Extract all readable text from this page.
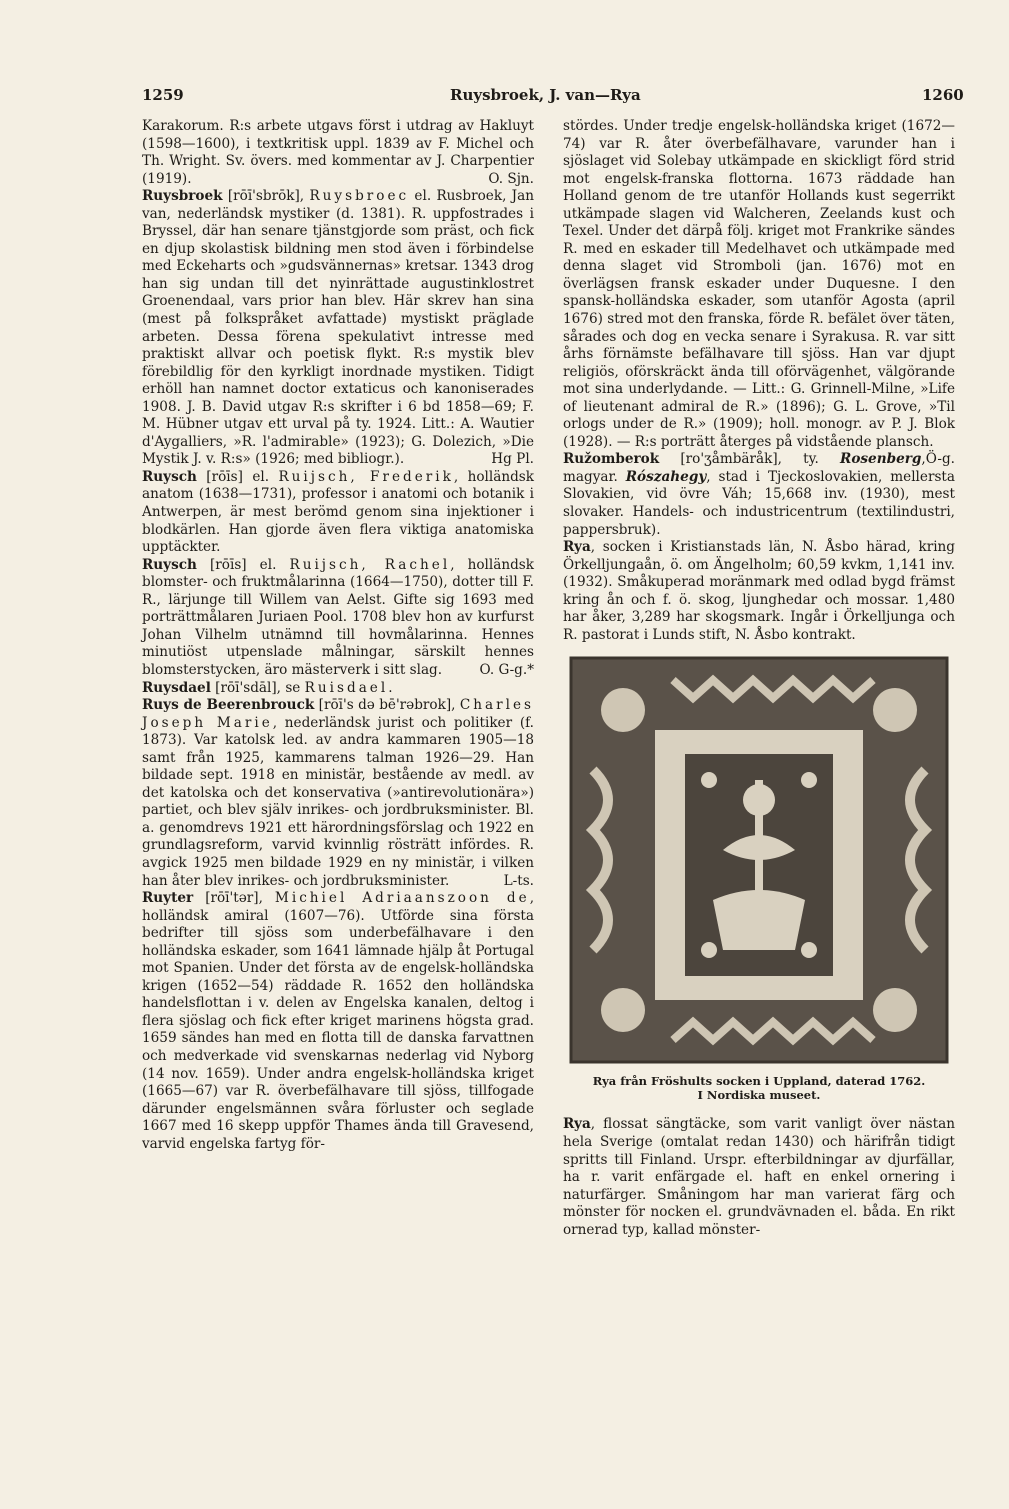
1259	Ruysbroek, J. van—Rya	1260

Karakorum. R:s arbete utgavs först i utdrag av Hakluyt (1598—1600), i textkritisk uppl. 1839 av F. Michel och Th. Wright. Sv. övers. med kommentar av J. Charpentier (1919).	O. Sjn.

Ruysbroek [rōī'sbrōk], Ruysbroec el. Rusbroek, Jan van, nederländsk mystiker (d. 1381). R. uppfostrades i Bryssel, där han senare tjänstgjorde som präst, och fick en djup skolastisk bildning men stod även i förbindelse med Eckeharts och »gudsvännernas» kretsar. 1343 drog han sig undan till det nyinrättade augustinklostret Groenendaal, vars prior han blev. Här skrev han sina (mest på folkspråket avfattade) mystiskt präglade arbeten. Dessa förena spekulativt intresse med praktiskt allvar och poetisk flykt. R:s mystik blev förebildlig för den kyrkligt inordnade mystiken. Tidigt erhöll han namnet doctor extaticus och kanoniserades 1908. J. B. David utgav R:s skrifter i 6 bd 1858—69; F. M. Hübner utgav ett urval på ty. 1924. Litt.: A. Wautier d'Aygalliers, »R. l'admirable» (1923); G. Dolezich, »Die Mystik J. v. R:s» (1926; med bibliogr.).	Hg Pl.

Ruysch [rōīs] el. Ruijsch, Frederik, holländsk anatom (1638—1731), professor i anatomi och botanik i Antwerpen, är mest berömd genom sina injektioner i blodkärlen. Han gjorde även flera viktiga anatomiska upptäckter.

Ruysch [rōīs] el. Ruijsch, Rachel, holländsk blomster- och fruktmålarinna (1664—1750), dotter till F. R., lärjunge till Willem van Aelst. Gifte sig 1693 med porträttmålaren Juriaen Pool. 1708 blev hon av kurfurst Johan Vilhelm utnämnd till hovmålarinna. Hennes minutiöst utpenslade målningar, särskilt hennes blomsterstycken, äro mästerverk i sitt slag.	O. G-g.*

Ruysdael [rōī'sdāl], se Ruisdael.

Ruys de Beerenbrouck [rōī's də bē'rəbrok], Charles Joseph Marie, nederländsk jurist och politiker (f. 1873). Var katolsk led. av andra kammaren 1905—18 samt från 1925, kammarens talman 1926—29. Han bildade sept. 1918 en ministär, bestående av medl. av det katolska och det konservativa (»antirevolutionära») partiet, och blev själv inrikes- och jordbruksminister. Bl. a. genomdrevs 1921 ett härordningsförslag och 1922 en grundlagsreform, varvid kvinnlig rösträtt infördes. R. avgick 1925 men bildade 1929 en ny ministär, i vilken han åter blev inrikes- och jordbruksminister.	L-ts.

Ruyter [rōī'tər], Michiel Adriaanszoon de, holländsk amiral (1607—76). Utförde sina första bedrifter till sjöss som underbefälhavare i den holländska eskader, som 1641 lämnade hjälp åt Portugal mot Spanien. Under det första av de engelsk-holländska krigen (1652—54) räddade R. 1652 den holländska handelsflottan i v. delen av Engelska kanalen, deltog i flera sjöslag och fick efter kriget marinens högsta grad. 1659 sändes han med en flotta till de danska farvattnen och medverkade vid svenskarnas nederlag vid Nyborg (14 nov. 1659). Under andra engelsk-holländska kriget (1665—67) var R. överbefälhavare till sjöss, tillfogade därunder engelsmännen svåra förluster och seglade 1667 med 16 skepp uppför Thames ända till Gravesend, varvid engelska fartyg för-

stördes. Under tredje engelsk-holländska kriget (1672—74) var R. åter överbefälhavare, varunder han i sjöslaget vid Solebay utkämpade en skickligt förd strid mot engelsk-franska flottorna. 1673 räddade han Holland genom de tre utanför Hollands kust segerrikt utkämpade slagen vid Walcheren, Zeelands kust och Texel. Under det därpå följ. kriget mot Frankrike sändes R. med en eskader till Medelhavet och utkämpade med denna slaget vid Stromboli (jan. 1676) mot en överlägsen fransk eskader under Duquesne. I den spansk-holländska eskader, som utanför Agosta (april 1676) stred mot den franska, förde R. befälet över täten, sårades och dog en vecka senare i Syrakusa. R. var sitt århs förnämste befälhavare till sjöss. Han var djupt religiös, oförskräckt ända till oförvägenhet, välgörande mot sina underlydande. — Litt.: G. Grinnell-Milne, »Life of lieutenant admiral de R.» (1896); G. L. Grove, »Til orlogs under de R.» (1909); holl. monogr. av P. J. Blok (1928). — R:s porträtt återges på vidstående plansch.
Ö-g.

Ružomberok [ro'ʒåmbäråk], ty. Rosenberg, magyar. Rószahegy, stad i Tjeckoslovakien, mellersta Slovakien, vid övre Váh; 15,668 inv. (1930), mest slovaker. Handels- och industricentrum (textilindustri, pappersbruk).

Rya, socken i Kristianstads län, N. Åsbo härad, kring Örkelljungaån, ö. om Ängelholm; 60,59 kvkm, 1,141 inv. (1932). Småkuperad moränmark med odlad bygd främst kring ån och f. ö. skog, ljunghedar och mossar. 1,480 har åker, 3,289 har skogsmark. Ingår i Örkelljunga och R. pastorat i Lunds stift, N. Åsbo kontrakt.

Rya från Fröshults socken i Uppland, daterad 1762.
I Nordiska museet.

Rya, flossat sängtäcke, som varit vanligt över nästan hela Sverige (omtalat redan 1430) och härifrån tidigt spritts till Finland. Urspr. efterbildningar av djurfällar, ha r. varit enfärgade el. haft en enkel ornering i naturfärger. Småningom har man varierat färg och mönster för nocken el. grundvävnaden el. båda. En rikt ornerad typ, kallad mönster-
